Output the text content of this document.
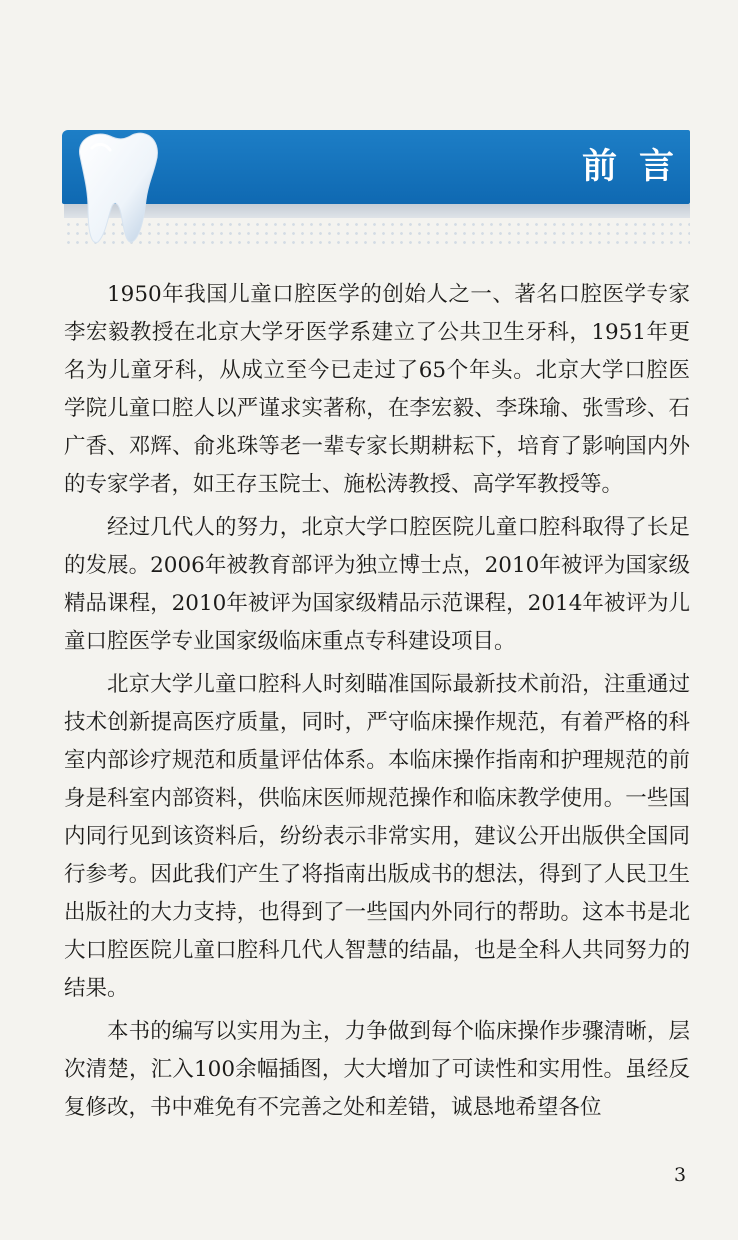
前言

1950年我国儿童口腔医学的创始人之一、著名口腔医学专家李宏毅教授在北京大学牙医学系建立了公共卫生牙科，1951年更名为儿童牙科，从成立至今已走过了65个年头。北京大学口腔医学院儿童口腔人以严谨求实著称，在李宏毅、李珠瑜、张雪珍、石广香、邓辉、俞兆珠等老一辈专家长期耕耘下，培育了影响国内外的专家学者，如王存玉院士、施松涛教授、高学军教授等。

经过几代人的努力，北京大学口腔医院儿童口腔科取得了长足的发展。2006年被教育部评为独立博士点，2010年被评为国家级精品课程，2010年被评为国家级精品示范课程，2014年被评为儿童口腔医学专业国家级临床重点专科建设项目。

北京大学儿童口腔科人时刻瞄准国际最新技术前沿，注重通过技术创新提高医疗质量，同时，严守临床操作规范，有着严格的科室内部诊疗规范和质量评估体系。本临床操作指南和护理规范的前身是科室内部资料，供临床医师规范操作和临床教学使用。一些国内同行见到该资料后，纷纷表示非常实用，建议公开出版供全国同行参考。因此我们产生了将指南出版成书的想法，得到了人民卫生出版社的大力支持，也得到了一些国内外同行的帮助。这本书是北大口腔医院儿童口腔科几代人智慧的结晶，也是全科人共同努力的结果。

本书的编写以实用为主，力争做到每个临床操作步骤清晰，层次清楚，汇入100余幅插图，大大增加了可读性和实用性。虽经反复修改，书中难免有不完善之处和差错，诚恳地希望各位

3
